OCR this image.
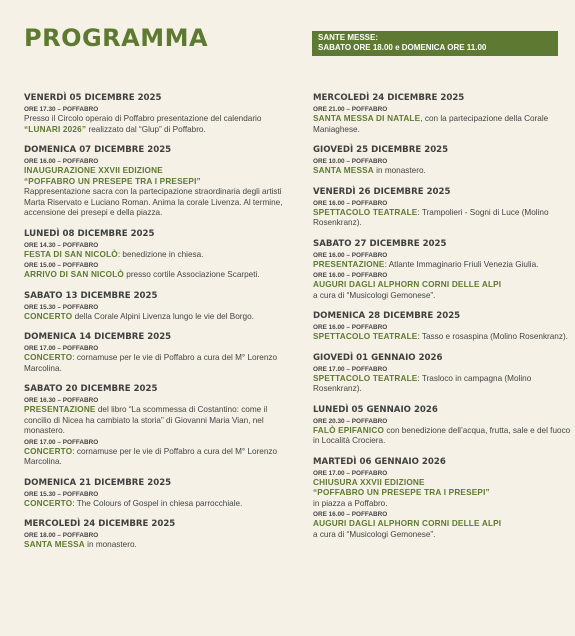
PROGRAMMA	SANTE MESSE:
SABATO ORE 18.00 e DOMENICA ORE 11.00
VENERDÌ 05 DICEMBRE 2025
ORE 17.30 – POFFABRO
Presso il Circolo operaio di Poffabro presentazione del calendario “LUNARI 2026” realizzato dal “Glup” di Poffabro.
DOMENICA 07 DICEMBRE 2025
ORE 16.00 – POFFABRO
INAUGURAZIONE XXVII EDIZIONE
“POFFABRO UN PRESEPE TRA I PRESEPI”
Rappresentazione sacra con la partecipazione straordinaria degli artisti Marta Riservato e Luciano Roman. Anima la corale Livenza. Al termine, accensione dei presepi e della piazza.
LUNEDÌ 08 DICEMBRE 2025
ORE 14.30 – POFFABRO
FESTA DI SAN NICOLÒ: benedizione in chiesa.
ORE 15.00 – POFFABRO
ARRIVO DI SAN NICOLÒ presso cortile Associazione Scarpeti.
SABATO 13 DICEMBRE 2025
ORE 15.30 – POFFABRO
CONCERTO della Corale Alpini Livenza lungo le vie del Borgo.
DOMENICA 14 DICEMBRE 2025
ORE 17.00 – POFFABRO
CONCERTO: cornamuse per le vie di Poffabro a cura del M° Lorenzo Marcolina.
SABATO 20 DICEMBRE 2025
ORE 16.30 – POFFABRO
PRESENTAZIONE del libro “La scommessa di Costantino: come il concilio di Nicea ha cambiato la storia” di Giovanni Maria Vian, nel monastero.
ORE 17.00 – POFFABRO
CONCERTO: cornamuse per le vie di Poffabro a cura del M° Lorenzo Marcolina.
DOMENICA 21 DICEMBRE 2025
ORE 15.30 – POFFABRO
CONCERTO: The Colours of Gospel in chiesa parrocchiale.
MERCOLEDÌ 24 DICEMBRE 2025
ORE 18.00 – POFFABRO
SANTA MESSA in monastero.
MERCOLEDÌ 24 DICEMBRE 2025
ORE 21.00 – POFFABRO
SANTA MESSA DI NATALE, con la partecipazione della Corale Maniaghese.
GIOVEDÌ 25 DICEMBRE 2025
ORE 10.00 – POFFABRO
SANTA MESSA in monastero.
VENERDÌ 26 DICEMBRE 2025
ORE 16.00 – POFFABRO
SPETTACOLO TEATRALE: Trampolieri - Sogni di Luce (Molino Rosenkranz).
SABATO 27 DICEMBRE 2025
ORE 16.00 – POFFABRO
PRESENTAZIONE: Atlante Immaginario Friuli Venezia Giulia.
ORE 16.00 – POFFABRO
AUGURI DAGLI ALPHORN CORNI DELLE ALPI
a cura di “Musicologi Gemonese”.
DOMENICA 28 DICEMBRE 2025
ORE 16.00 – POFFABRO
SPETTACOLO TEATRALE: Tasso e rosaspina (Molino Rosenkranz).
GIOVEDÌ 01 GENNAIO 2026
ORE 17.00 – POFFABRO
SPETTACOLO TEATRALE: Trasloco in campagna (Molino Rosenkranz).
LUNEDÌ 05 GENNAIO 2026
ORE 20.30 – POFFABRO
FALÒ EPIFANICO con benedizione dell’acqua, frutta, sale e del fuoco in Località Crociera.
MARTEDÌ 06 GENNAIO 2026
ORE 17.00 – POFFABRO
CHIUSURA XXVII EDIZIONE
“POFFABRO UN PRESEPE TRA I PRESEPI”
in piazza a Poffabro.
ORE 16.00 – POFFABRO
AUGURI DAGLI ALPHORN CORNI DELLE ALPI
a cura di “Musicologi Gemonese”.
